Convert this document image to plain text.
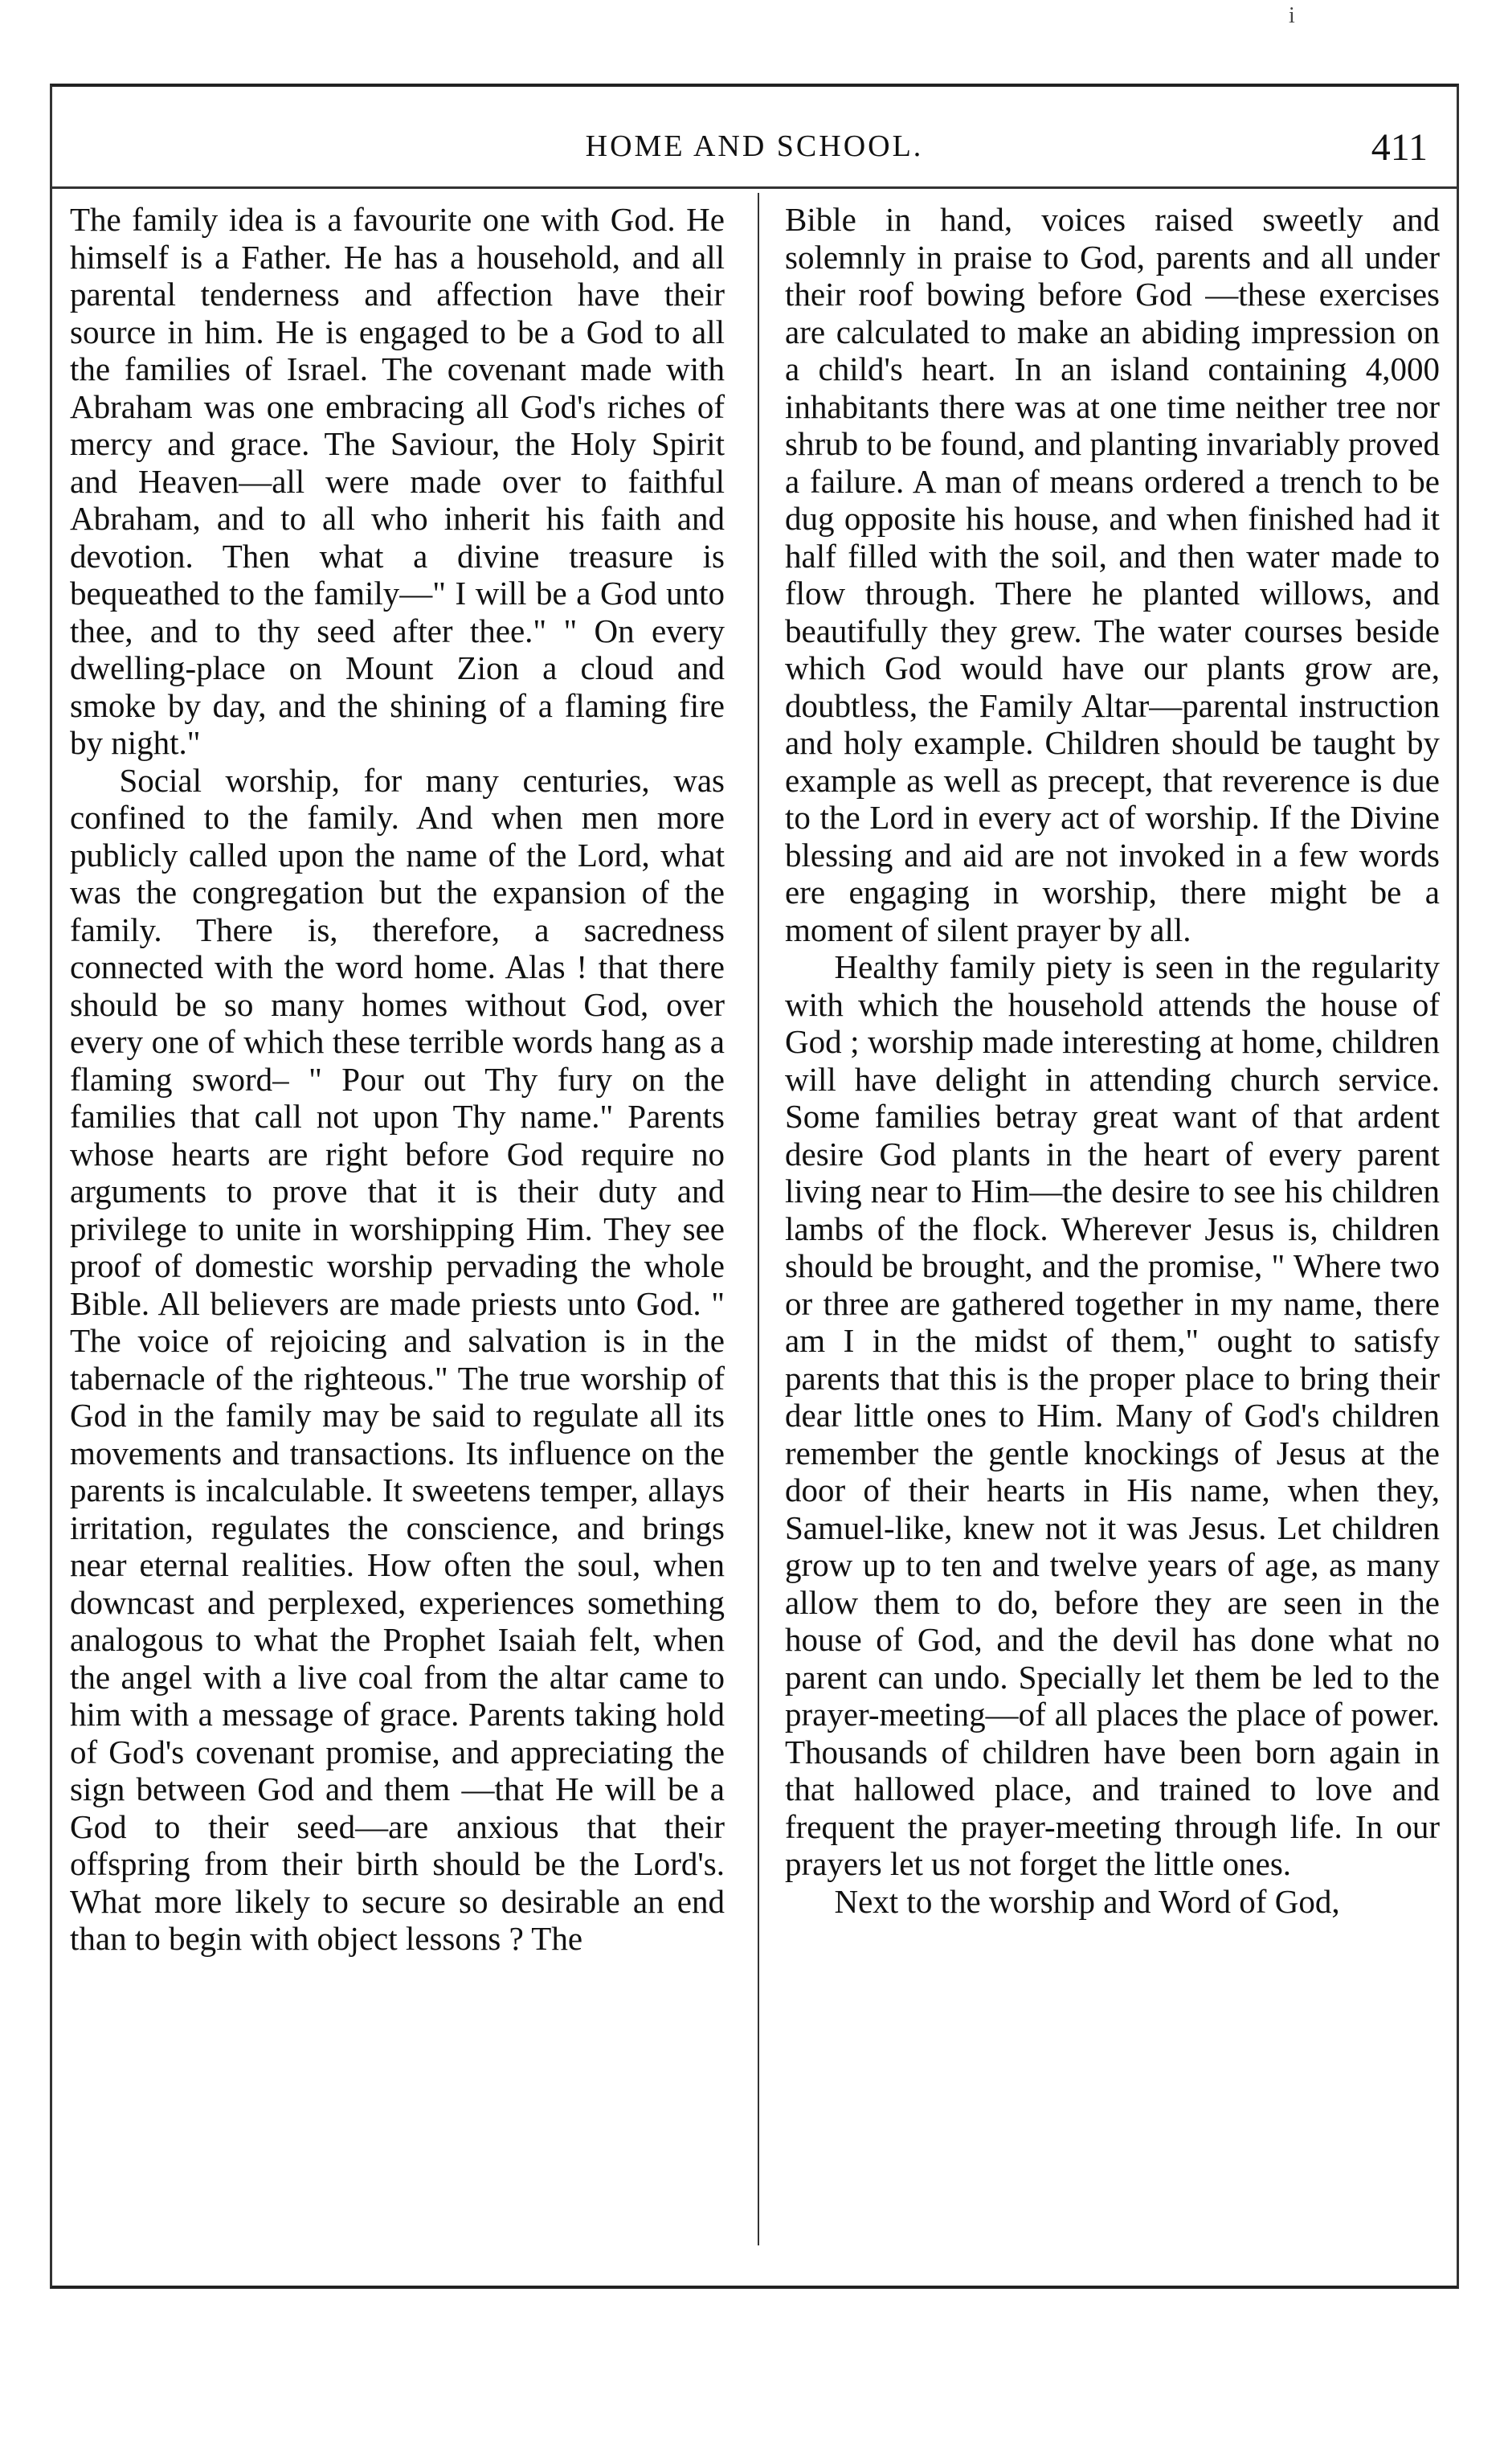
i
HOME AND SCHOOL.	411

The family idea is a favourite one with God. He himself is a Father. He has a household, and all parental tenderness and affection have their source in him. He is engaged to be a God to all the families of Israel. The covenant made with Abraham was one embracing all God's riches of mercy and grace. The Saviour, the Holy Spirit and Heaven—all were made over to faithful Abraham, and to all who inherit his faith and devotion. Then what a divine treasure is bequeathed to the family—" I will be a God unto thee, and to thy seed after thee." " On every dwelling-place on Mount Zion a cloud and smoke by day, and the shining of a flaming fire by night."

Social worship, for many centuries, was confined to the family. And when men more publicly called upon the name of the Lord, what was the congregation but the expansion of the family. There is, therefore, a sacredness connected with the word home. Alas ! that there should be so many homes without God, over every one of which these terrible words hang as a flaming sword– " Pour out Thy fury on the families that call not upon Thy name." Parents whose hearts are right before God require no arguments to prove that it is their duty and privilege to unite in worshipping Him. They see proof of domestic worship pervading the whole Bible. All believers are made priests unto God. " The voice of rejoicing and salvation is in the tabernacle of the righteous." The true worship of God in the family may be said to regulate all its movements and transactions. Its influence on the parents is incalculable. It sweetens temper, allays irritation, regulates the conscience, and brings near eternal realities. How often the soul, when downcast and perplexed, experiences something analogous to what the Prophet Isaiah felt, when the angel with a live coal from the altar came to him with a message of grace. Parents taking hold of God's covenant promise, and appreciating the sign between God and them —that He will be a God to their seed—are anxious that their offspring from their birth should be the Lord's. What more likely to secure so desirable an end than to begin with object lessons ? The

Bible in hand, voices raised sweetly and solemnly in praise to God, parents and all under their roof bowing before God —these exercises are calculated to make an abiding impression on a child's heart. In an island containing 4,000 inhabitants there was at one time neither tree nor shrub to be found, and planting invariably proved a failure. A man of means ordered a trench to be dug opposite his house, and when finished had it half filled with the soil, and then water made to flow through. There he planted willows, and beautifully they grew. The water courses beside which God would have our plants grow are, doubtless, the Family Altar—parental instruction and holy example. Children should be taught by example as well as precept, that reverence is due to the Lord in every act of worship. If the Divine blessing and aid are not invoked in a few words ere engaging in worship, there might be a moment of silent prayer by all.

Healthy family piety is seen in the regularity with which the household attends the house of God ; worship made interesting at home, children will have delight in attending church service. Some families betray great want of that ardent desire God plants in the heart of every parent living near to Him—the desire to see his children lambs of the flock. Wherever Jesus is, children should be brought, and the promise, " Where two or three are gathered together in my name, there am I in the midst of them," ought to satisfy parents that this is the proper place to bring their dear little ones to Him. Many of God's children remember the gentle knockings of Jesus at the door of their hearts in His name, when they, Samuel-like, knew not it was Jesus. Let children grow up to ten and twelve years of age, as many allow them to do, before they are seen in the house of God, and the devil has done what no parent can undo. Specially let them be led to the prayer-meeting—of all places the place of power. Thousands of children have been born again in that hallowed place, and trained to love and frequent the prayer-meeting through life. In our prayers let us not forget the little ones.

Next to the worship and Word of God,
